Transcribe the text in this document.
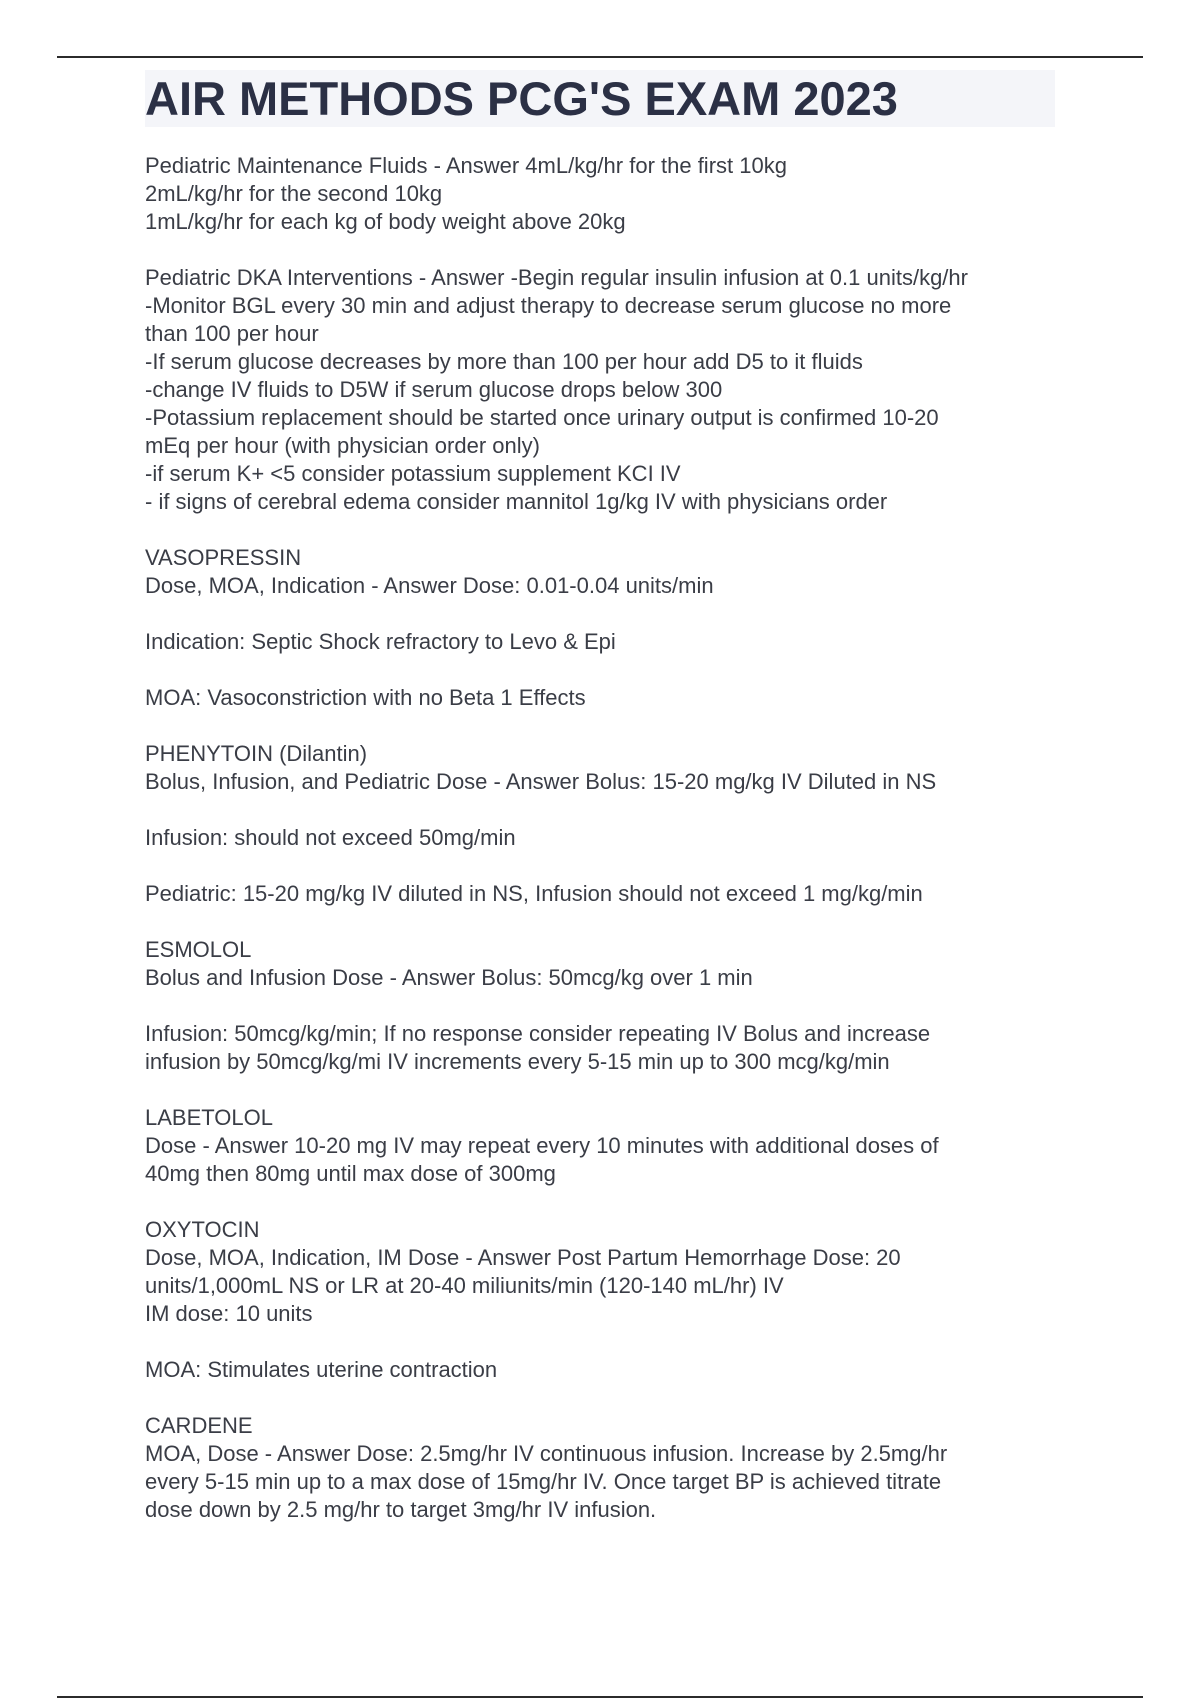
AIR METHODS PCG'S EXAM 2023
Pediatric Maintenance Fluids - Answer 4mL/kg/hr for the first 10kg
2mL/kg/hr for the second 10kg
1mL/kg/hr for each kg of body weight above 20kg
Pediatric DKA Interventions - Answer -Begin regular insulin infusion at 0.1 units/kg/hr
-Monitor BGL every 30 min and adjust therapy to decrease serum glucose no more
than 100 per hour
-If serum glucose decreases by more than 100 per hour add D5 to it fluids
-change IV fluids to D5W if serum glucose drops below 300
-Potassium replacement should be started once urinary output is confirmed 10-20
mEq per hour (with physician order only)
-if serum K+ <5 consider potassium supplement KCI IV
- if signs of cerebral edema consider mannitol 1g/kg IV with physicians order
VASOPRESSIN
Dose, MOA, Indication - Answer Dose: 0.01-0.04 units/min
Indication: Septic Shock refractory to Levo & Epi
MOA: Vasoconstriction with no Beta 1 Effects
PHENYTOIN (Dilantin)
Bolus, Infusion, and Pediatric Dose - Answer Bolus: 15-20 mg/kg IV Diluted in NS
Infusion: should not exceed 50mg/min
Pediatric: 15-20 mg/kg IV diluted in NS, Infusion should not exceed 1 mg/kg/min
ESMOLOL
Bolus and Infusion Dose - Answer Bolus: 50mcg/kg over 1 min
Infusion: 50mcg/kg/min; If no response consider repeating IV Bolus and increase
infusion by 50mcg/kg/mi IV increments every 5-15 min up to 300 mcg/kg/min
LABETOLOL
Dose - Answer 10-20 mg IV may repeat every 10 minutes with additional doses of
40mg then 80mg until max dose of 300mg
OXYTOCIN
Dose, MOA, Indication, IM Dose - Answer Post Partum Hemorrhage Dose: 20
units/1,000mL NS or LR at 20-40 miliunits/min (120-140 mL/hr) IV
IM dose: 10 units
MOA: Stimulates uterine contraction
CARDENE
MOA, Dose - Answer Dose: 2.5mg/hr IV continuous infusion. Increase by 2.5mg/hr
every 5-15 min up to a max dose of 15mg/hr IV. Once target BP is achieved titrate
dose down by 2.5 mg/hr to target 3mg/hr IV infusion.
